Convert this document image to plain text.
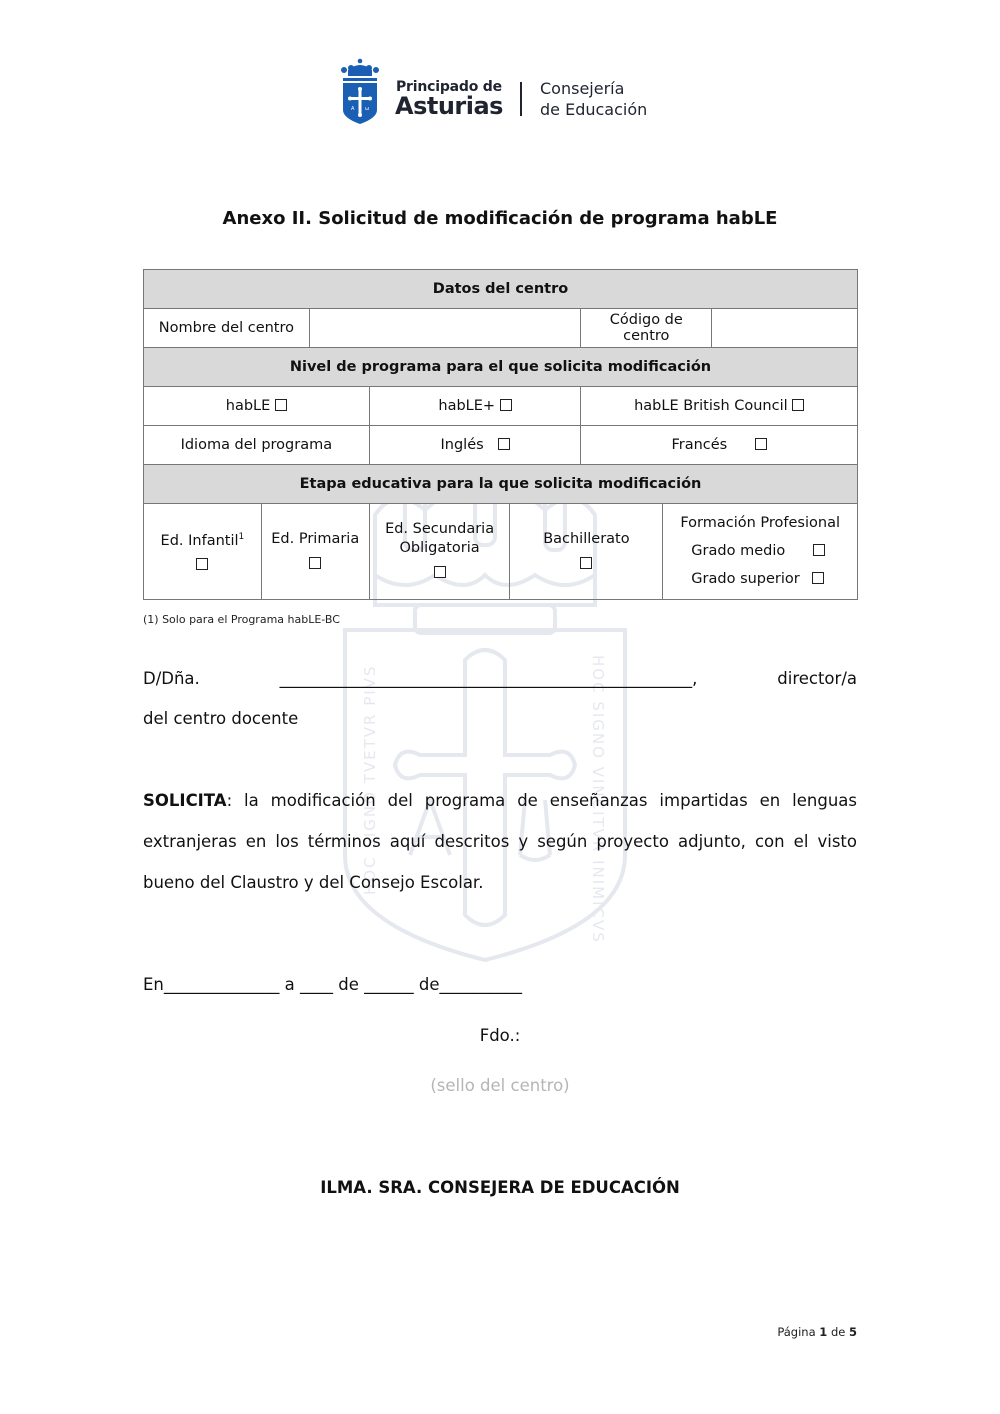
HOC SIGNO TVETVR PIVS	HOC SIGNO VINCITVR INIMICVS
A ω
Principado de
Asturias
Consejería
de Educación
Anexo II. Solicitud de modificación de programa habLE
Datos del centro							
Nombre del centro					Código de centro		
Nivel de programa para el que solicita modificación							
habLE			habLE+		habLE British Council		
Idioma del programa			Inglés		Francés		
Etapa educativa para la que solicita modificación							
Ed. Infantil$^1$	Ed. Primaria		Ed. Secundaria Obligatoria	Bachillerato		Formación Profesional
Grado medio
Grado superior	
(1) Solo para el Programa habLE-BC
D/Dña.	__________________________________________________,	director/a
del centro docente
SOLICITA: la modificación del programa de enseñanzas impartidas en lenguas
extranjeras en los términos aquí descritos y según proyecto adjunto, con el visto
bueno del Claustro y del Consejo Escolar.
En______________ a ____ de ______ de__________
Fdo.:
(sello del centro)
ILMA. SRA. CONSEJERA DE EDUCACIÓN
Página 1 de 5
